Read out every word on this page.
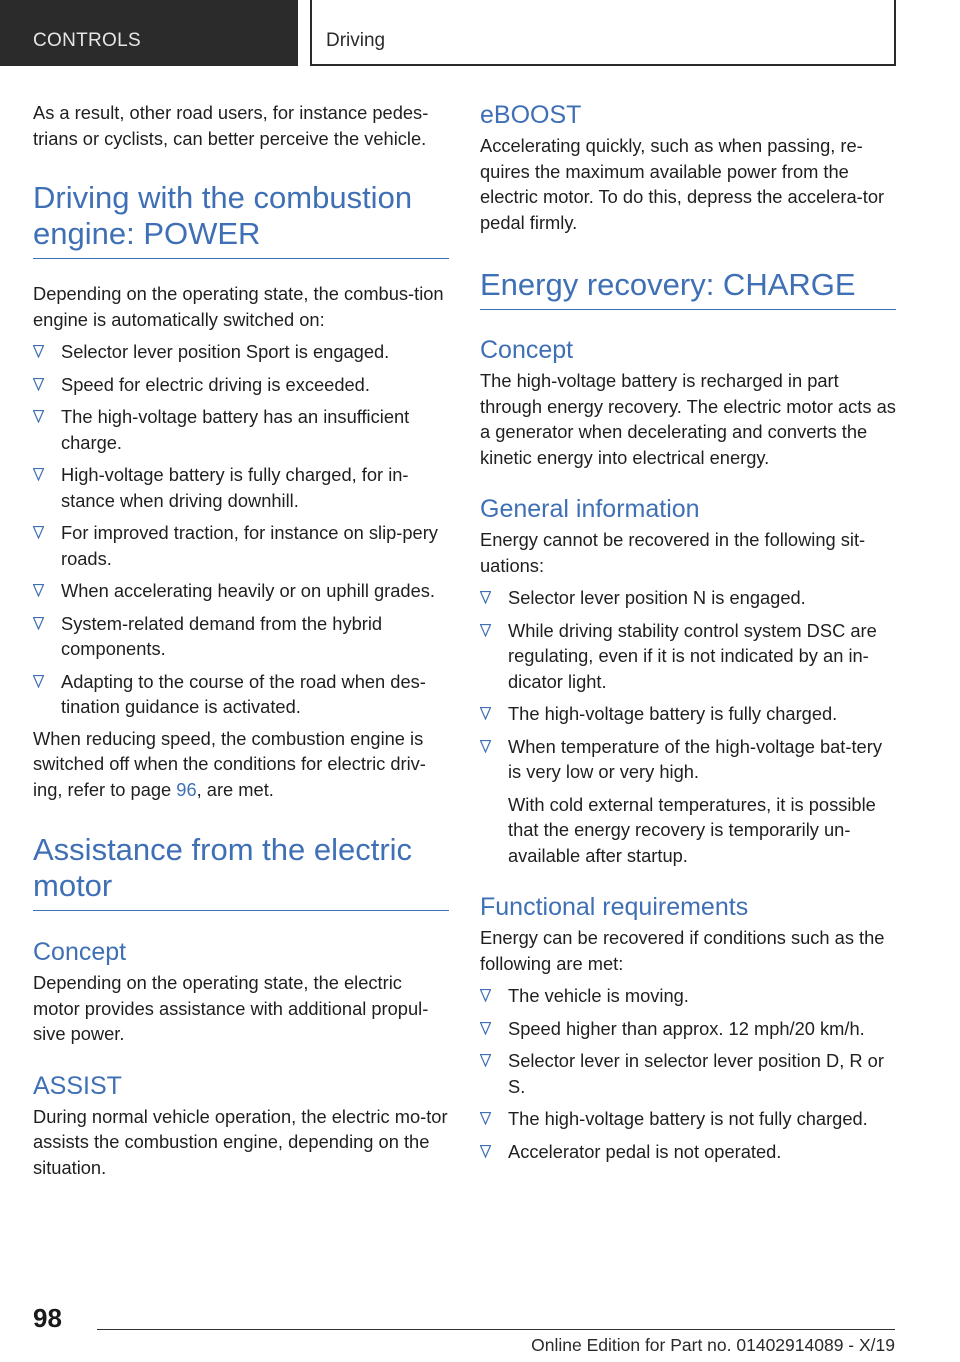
CONTROLS	Driving

As a result, other road users, for instance pedes-trians or cyclists, can better perceive the vehicle.

Driving with the combustion engine: POWER

Depending on the operating state, the combus-tion engine is automatically switched on:

Selector lever position Sport is engaged.
Speed for electric driving is exceeded.
The high-voltage battery has an insufficient charge.
High-voltage battery is fully charged, for in-stance when driving downhill.
For improved traction, for instance on slip-pery roads.
When accelerating heavily or on uphill grades.
System-related demand from the hybrid components.
Adapting to the course of the road when des-tination guidance is activated.

When reducing speed, the combustion engine is switched off when the conditions for electric driv-ing, refer to page 96, are met.

Assistance from the electric motor
Concept

Depending on the operating state, the electric motor provides assistance with additional propul-sive power.

ASSIST

During normal vehicle operation, the electric mo-tor assists the combustion engine, depending on the situation.

eBOOST

Accelerating quickly, such as when passing, re-quires the maximum available power from the electric motor. To do this, depress the accelera-tor pedal firmly.

Energy recovery: CHARGE
Concept

The high-voltage battery is recharged in part through energy recovery. The electric motor acts as a generator when decelerating and converts the kinetic energy into electrical energy.

General information

Energy cannot be recovered in the following sit-uations:

Selector lever position N is engaged.
While driving stability control system DSC are regulating, even if it is not indicated by an in-dicator light.
The high-voltage battery is fully charged.
When temperature of the high-voltage bat-tery is very low or very high.

With cold external temperatures, it is possible that the energy recovery is temporarily un-available after startup.

Functional requirements

Energy can be recovered if conditions such as the following are met:

The vehicle is moving.
Speed higher than approx. 12 mph/20 km/h.
Selector lever in selector lever position D, R or S.
The high-voltage battery is not fully charged.
Accelerator pedal is not operated.
98
Online Edition for Part no. 01402914089 - X/19
